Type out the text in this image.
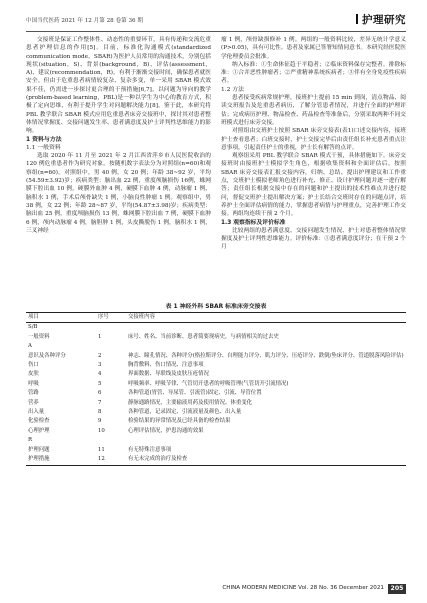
中国当代医药 2021 年 12 月第 28 卷第 36 期	护理研究

交接班是保证工作整体性、动态性的重要环节，具有传递和交流危重患者护理信息的作用[5]。目前，标准化沟通模式(standardized communication mode，SBAR)为医护人员常用的沟通技术，分别包括现状(situation，S)、背景(background，B)、评估(assessment，A)、建议(recommendation，R)，有利于渐渐交接时间，确保患者就医安全。但由于危重患者病情较复杂、复杂多变，单一采用 SBAR 模式效果不佳，仍需进一步探讨更合理的干预措施[6,7]。以问题为导向的教学(problem-based learning，PBL)是一种以学生为中心的教育方式，积极了定向思维，有利于提升学生对问题解决能力[8]。鉴于此，本研究将 PBL 教学联合 SBAR 模式应用危重患者床旁交接班中，探讨其对患者整体情况掌握度、交接问题发生率、患者满意度及护士评判性思维能力的影响。

1 资料与方法

1.1 一般资料

选取 2020 年 11 月至 2021 年 2 月江西省萍乡市人民医院收治的 120 例危重患者作为研究对象，按随机数字表法分为对照组(n=60)和观察组(n=60)。对照组中，男 40 例，女 20 例；年龄 38~92 岁，平均(54.59±3.92)岁；疾病类型：脑出血 22 例，重度颅脑损伤 16例，蛛网膜下腔出血 10 例，硬膜外血肿 4 例，硬膜下血肿 4 例，动脉瘤 1 例，脑积水 1 例，手术后颅骨缺失 1 例，小脑良性肿瘤 1 例。观察组中，男 38 例，女 22 例；年龄 28~87 岁，平均(54.87±3.98)岁；疾病类型：脑出血 25 例，重度颅脑损伤 13 例，蛛网膜下腔出血 7 例，硬膜下血肿 6 例，颅内动脉瘤 4 例，脑胆肿 1 例，头皮撕脱伤 1 例，脑积水 1 例，三叉神经

瘤 1 例，颅骨缺损修补 1 例。两组的一般资料比较，差异无统计学意义(P>0.05)，具有可比性。患者及家属已签署知情同意书。本研究经医院医学伦理委员会批准。

纳入标准：①生命体征趋于平稳者；②临床资料保存完整者。排除标准：①合并恶性肿瘤者；②严重精神系统疾病者；③伴有全身免疫性疾病者。

1.2 方法

患者接受疾病常规护理。接班护士提前 15 min 到岗，清点物品、阅读交班报告及危重患者病历，了解分管患者情况，并进行全面的护理评估；完成病历护理、物品检查、药品检查等准备后，分别采取两种不同交班模式进行床旁交接。

对照组由交班护士按照 SBAR 床旁交接表(表1)口述交接内容，接班护士查看患者；白班交接时，护士交接完毕后由责任组长补充患者重点注意事项，引起责任护士的重视，护士长有解答的点评。

观察组采用 PBL 教学联合 SBAR 模式干预，具体措施如下。床旁交接班时由接班护士模拟学生角色，根据收集资料和全面评估后，按照 SBAR 床旁交接表汇报交接内容，归纳、总结、提出护理建议和工作重点，交班护士模拟老师角色进行补充、修正、设计护理问题并逐一进行解答；责任组长根据交接中存在的问题和护士提出的技术性难点并进行提问，督促交班护士提出解决方案；护士长结合交班时存在的问题点评，培养护士全面评估病情的能力，掌握患者病情与护理重点，完善护理工作交接。两组均连续干预 2 个月。

1.3 观察指标及评价标准

比较两组的患者满意度、交接问题发生情况、护士对患者整体情况掌握度及护士评判性思维能力。评价标准：①患者满意度评分；在干预 2 个月

表 1 神经外科 SBAR 标准床旁交接表
项目	序号	交接班内容
S/B		
一般资料	1	床号、姓名、当前诊断、患者简要现病史，与病情相关的过去史
A		
意识及各种评分	2	神志、瞳孔情况、各种评分(格拉斯评分、自理能力评分、肌力评分、压疮评分、跌倒/坠床评分、管道脱落风险评估)
伤口	3	胸背敷料、伤口情况、注意事项
皮肤	4	界面数据、导联线及皮肤压疮情况
呼吸	5	呼吸频率、呼吸节律、气管切开患者的呼吸管理(气管切开引流情况)
管路	6	各种管道(胃管、导尿管、引流管)固定、引流、导管位置
营养	7	静脉通路情况，主要输液用药及使用情况、体重变化
出入量	8	各种管道，记录固定、引流液量及颜色、出入量
化验检查	9	检验结果的异常情况及已经具备的检查结果
心理护理	10	心理评估情况，护患沟通的效果
R		
护理问题	11	有无特殊注意事项
护理措施	12	有无未完成的治疗及检查
CHINA MODERN MEDICINE Vol. 28 No. 36 December 2021	205
